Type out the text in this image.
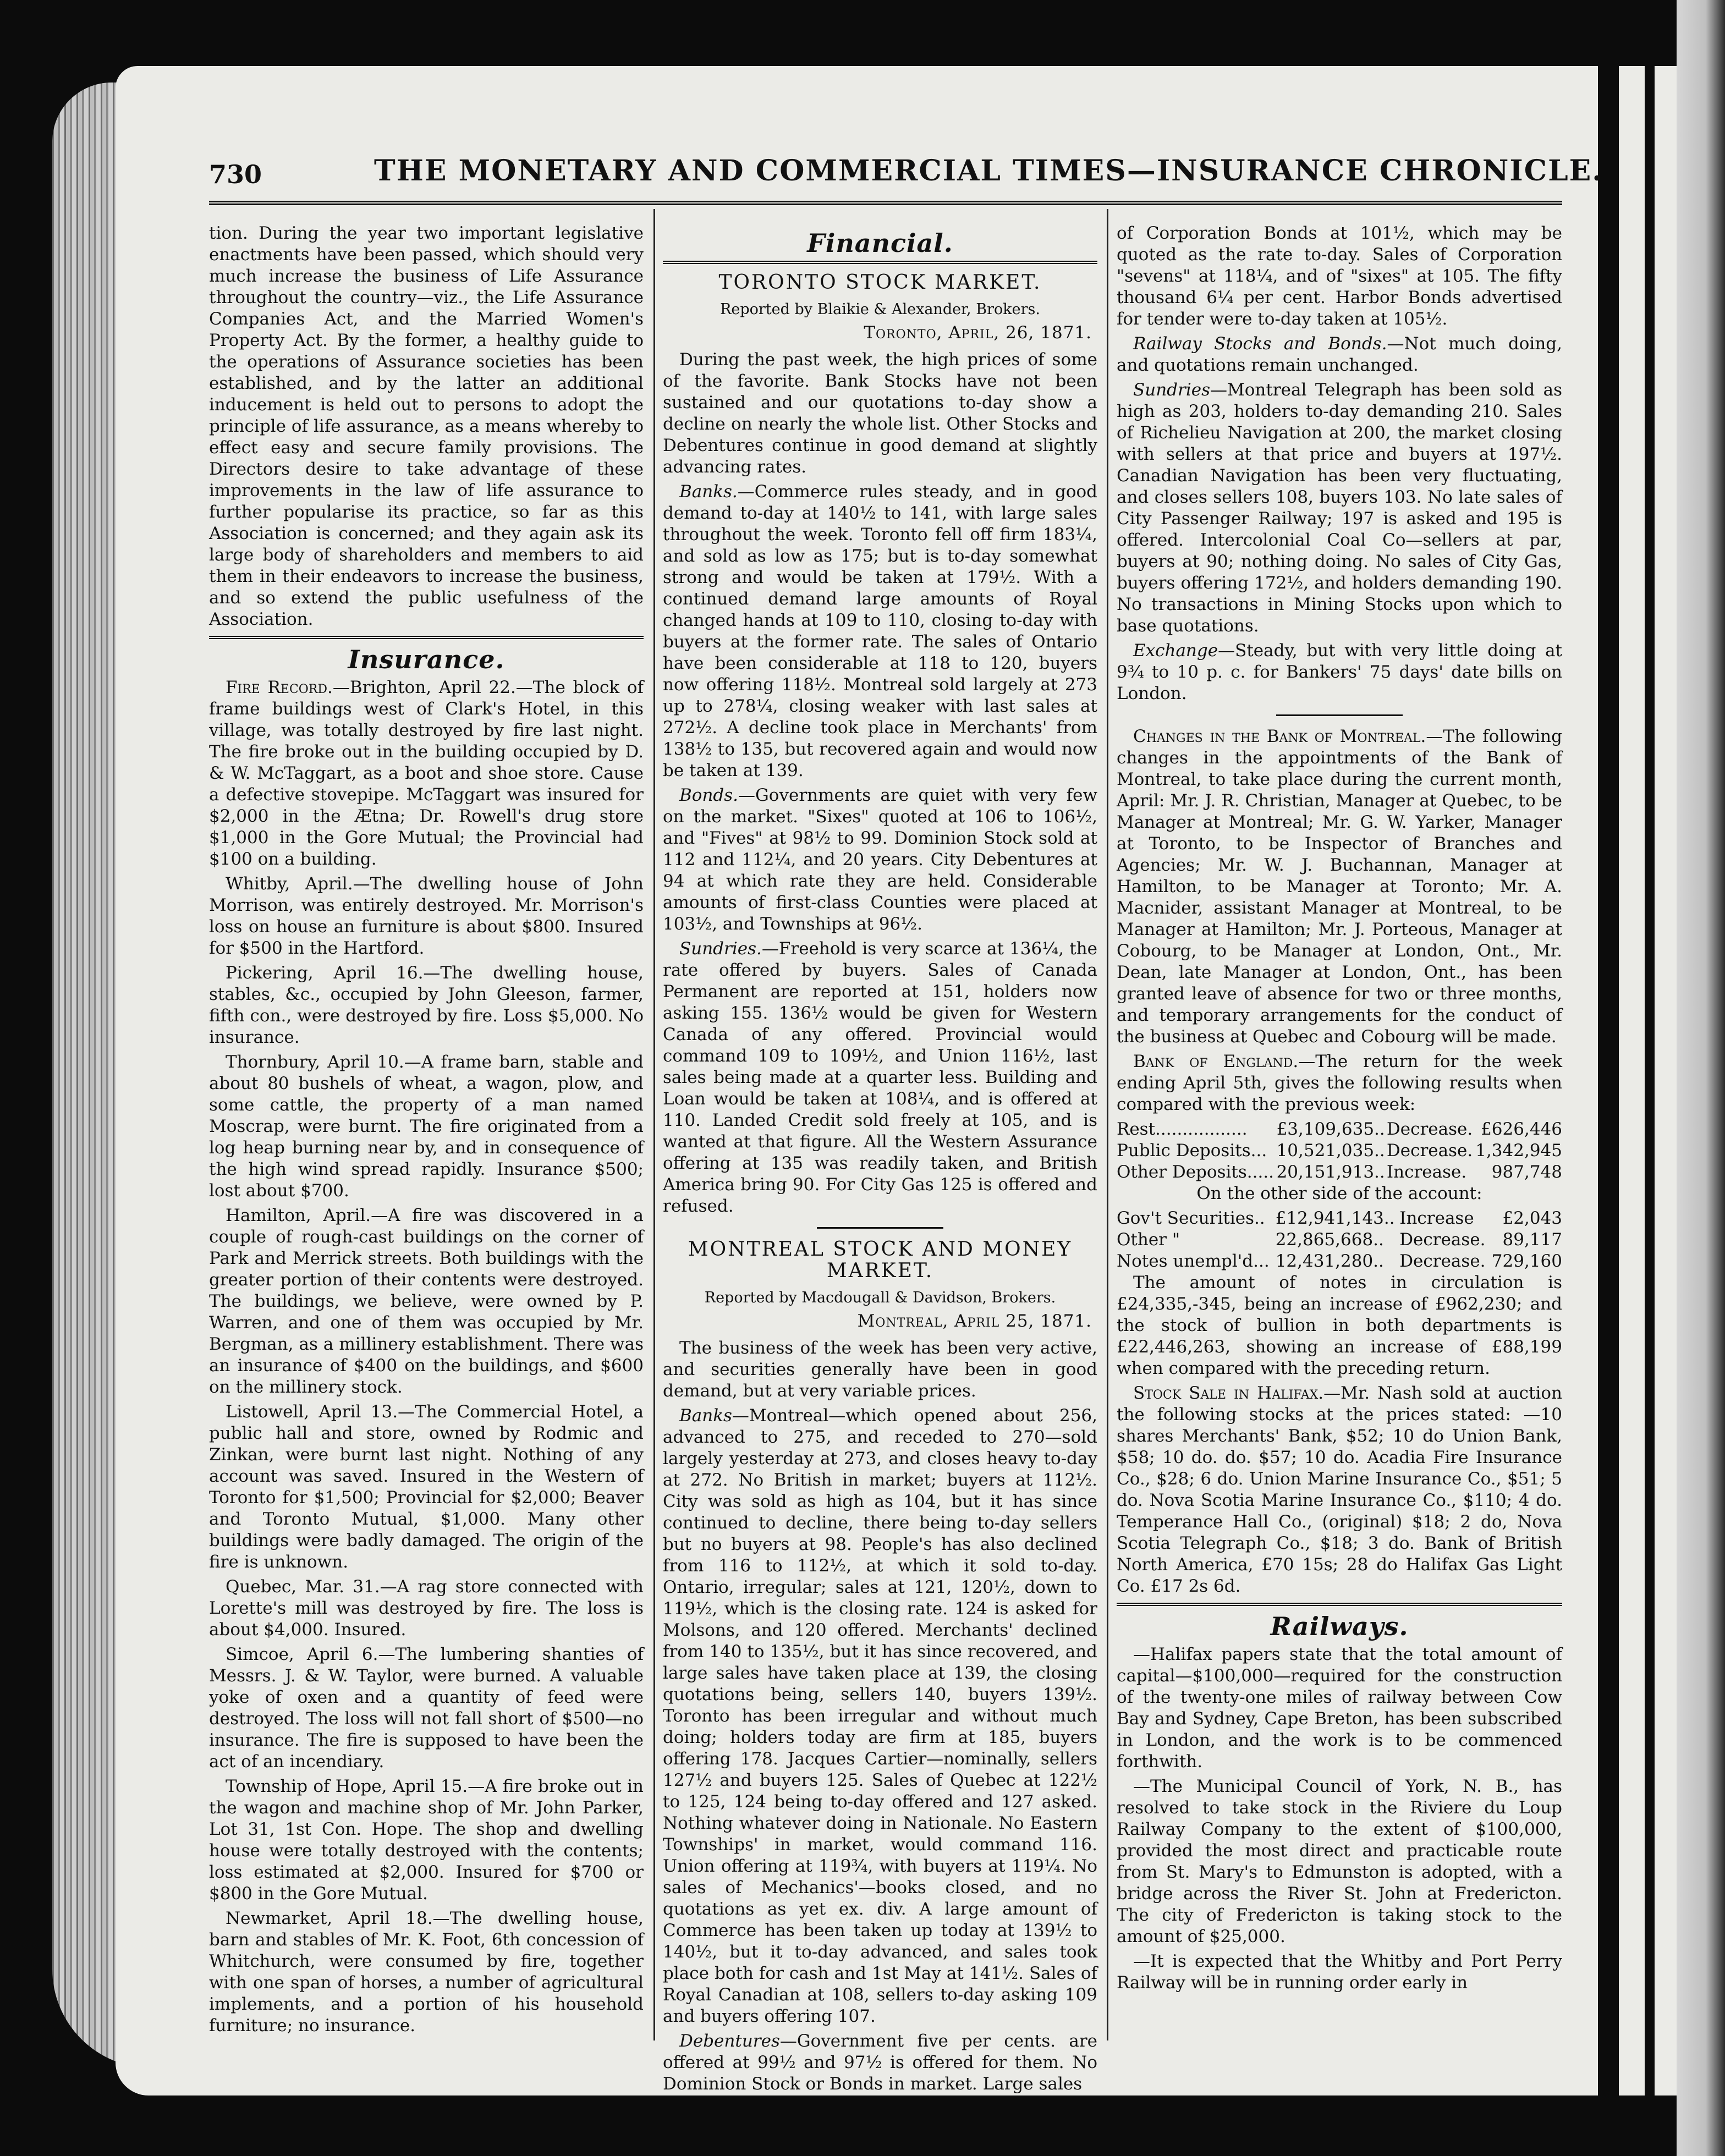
730	THE MONETARY AND COMMERCIAL TIMES—INSURANCE CHRONICLE.

tion. During the year two important legislative enactments have been passed, which should very much increase the business of Life Assurance throughout the country—viz., the Life Assurance Companies Act, and the Married Women's Property Act. By the former, a healthy guide to the operations of Assurance societies has been established, and by the latter an additional inducement is held out to persons to adopt the principle of life assurance, as a means whereby to effect easy and secure family provisions. The Directors desire to take advantage of these improvements in the law of life assurance to further popularise its practice, so far as this Association is concerned; and they again ask its large body of shareholders and members to aid them in their endeavors to increase the business, and so extend the public usefulness of the Association.

Insurance.

Fire Record.—Brighton, April 22.—The block of frame buildings west of Clark's Hotel, in this village, was totally destroyed by fire last night. The fire broke out in the building occupied by D. & W. McTaggart, as a boot and shoe store. Cause a defective stovepipe. McTaggart was insured for $2,000 in the Ætna; Dr. Rowell's drug store $1,000 in the Gore Mutual; the Provincial had $100 on a building.

Whitby, April.—The dwelling house of John Morrison, was entirely destroyed. Mr. Morrison's loss on house an furniture is about $800. Insured for $500 in the Hartford.

Pickering, April 16.—The dwelling house, stables, &c., occupied by John Gleeson, farmer, fifth con., were destroyed by fire. Loss $5,000. No insurance.

Thornbury, April 10.—A frame barn, stable and about 80 bushels of wheat, a wagon, plow, and some cattle, the property of a man named Moscrap, were burnt. The fire originated from a log heap burning near by, and in consequence of the high wind spread rapidly. Insurance $500; lost about $700.

Hamilton, April.—A fire was discovered in a couple of rough-cast buildings on the corner of Park and Merrick streets. Both buildings with the greater portion of their contents were destroyed. The buildings, we believe, were owned by P. Warren, and one of them was occupied by Mr. Bergman, as a millinery establishment. There was an insurance of $400 on the buildings, and $600 on the millinery stock.

Listowell, April 13.—The Commercial Hotel, a public hall and store, owned by Rodmic and Zinkan, were burnt last night. Nothing of any account was saved. Insured in the Western of Toronto for $1,500; Provincial for $2,000; Beaver and Toronto Mutual, $1,000. Many other buildings were badly damaged. The origin of the fire is unknown.

Quebec, Mar. 31.—A rag store connected with Lorette's mill was destroyed by fire. The loss is about $4,000. Insured.

Simcoe, April 6.—The lumbering shanties of Messrs. J. & W. Taylor, were burned. A valuable yoke of oxen and a quantity of feed were destroyed. The loss will not fall short of $500—no insurance. The fire is supposed to have been the act of an incendiary.

Township of Hope, April 15.—A fire broke out in the wagon and machine shop of Mr. John Parker, Lot 31, 1st Con. Hope. The shop and dwelling house were totally destroyed with the contents; loss estimated at $2,000. Insured for $700 or $800 in the Gore Mutual.

Newmarket, April 18.—The dwelling house, barn and stables of Mr. K. Foot, 6th concession of Whitchurch, were consumed by fire, together with one span of horses, a number of agricultural implements, and a portion of his household furniture; no insurance.

Financial.
TORONTO STOCK MARKET.
Reported by Blaikie & Alexander, Brokers.
Toronto, April, 26, 1871.

During the past week, the high prices of some of the favorite. Bank Stocks have not been sustained and our quotations to-day show a decline on nearly the whole list. Other Stocks and Debentures continue in good demand at slightly advancing rates.

Banks.—Commerce rules steady, and in good demand to-day at 140½ to 141, with large sales throughout the week. Toronto fell off firm 183¼, and sold as low as 175; but is to-day somewhat strong and would be taken at 179½. With a continued demand large amounts of Royal changed hands at 109 to 110, closing to-day with buyers at the former rate. The sales of Ontario have been considerable at 118 to 120, buyers now offering 118½. Montreal sold largely at 273 up to 278¼, closing weaker with last sales at 272½. A decline took place in Merchants' from 138½ to 135, but recovered again and would now be taken at 139.

Bonds.—Governments are quiet with very few on the market. "Sixes" quoted at 106 to 106½, and "Fives" at 98½ to 99. Dominion Stock sold at 112 and 112¼, and 20 years. City Debentures at 94 at which rate they are held. Considerable amounts of first-class Counties were placed at 103½, and Townships at 96½.

Sundries.—Freehold is very scarce at 136¼, the rate offered by buyers. Sales of Canada Permanent are reported at 151, holders now asking 155. 136½ would be given for Western Canada of any offered. Provincial would command 109 to 109½, and Union 116½, last sales being made at a quarter less. Building and Loan would be taken at 108¼, and is offered at 110. Landed Credit sold freely at 105, and is wanted at that figure. All the Western Assurance offering at 135 was readily taken, and British America bring 90. For City Gas 125 is offered and refused.

MONTREAL STOCK AND MONEY MARKET.
Reported by Macdougall & Davidson, Brokers.
Montreal, April 25, 1871.

The business of the week has been very active, and securities generally have been in good demand, but at very variable prices.

Banks—Montreal—which opened about 256, advanced to 275, and receded to 270—sold largely yesterday at 273, and closes heavy to-day at 272. No British in market; buyers at 112½. City was sold as high as 104, but it has since continued to decline, there being to-day sellers but no buyers at 98. People's has also declined from 116 to 112½, at which it sold to-day. Ontario, irregular; sales at 121, 120½, down to 119½, which is the closing rate. 124 is asked for Molsons, and 120 offered. Merchants' declined from 140 to 135½, but it has since recovered, and large sales have taken place at 139, the closing quotations being, sellers 140, buyers 139½. Toronto has been irregular and without much doing; holders today are firm at 185, buyers offering 178. Jacques Cartier—nominally, sellers 127½ and buyers 125. Sales of Quebec at 122½ to 125, 124 being to-day offered and 127 asked. Nothing whatever doing in Nationale. No Eastern Townships' in market, would command 116. Union offering at 119¾, with buyers at 119¼. No sales of Mechanics'—books closed, and no quotations as yet ex. div. A large amount of Commerce has been taken up today at 139½ to 140½, but it to-day advanced, and sales took place both for cash and 1st May at 141½. Sales of Royal Canadian at 108, sellers to-day asking 109 and buyers offering 107.

Debentures—Government five per cents. are offered at 99½ and 97½ is offered for them. No Dominion Stock or Bonds in market. Large sales

of Corporation Bonds at 101½, which may be quoted as the rate to-day. Sales of Corporation "sevens" at 118¼, and of "sixes" at 105. The fifty thousand 6¼ per cent. Harbor Bonds advertised for tender were to-day taken at 105½.

Railway Stocks and Bonds.—Not much doing, and quotations remain unchanged.

Sundries—Montreal Telegraph has been sold as high as 203, holders to-day demanding 210. Sales of Richelieu Navigation at 200, the market closing with sellers at that price and buyers at 197½. Canadian Navigation has been very fluctuating, and closes sellers 108, buyers 103. No late sales of City Passenger Railway; 197 is asked and 195 is offered. Intercolonial Coal Co—sellers at par, buyers at 90; nothing doing. No sales of City Gas, buyers offering 172½, and holders demanding 190. No transactions in Mining Stocks upon which to base quotations.

Exchange—Steady, but with very little doing at 9¾ to 10 p. c. for Bankers' 75 days' date bills on London.

Changes in the Bank of Montreal.—The following changes in the appointments of the Bank of Montreal, to take place during the current month, April: Mr. J. R. Christian, Manager at Quebec, to be Manager at Montreal; Mr. G. W. Yarker, Manager at Toronto, to be Inspector of Branches and Agencies; Mr. W. J. Buchannan, Manager at Hamilton, to be Manager at Toronto; Mr. A. Macnider, assistant Manager at Montreal, to be Manager at Hamilton; Mr. J. Porteous, Manager at Cobourg, to be Manager at London, Ont., Mr. Dean, late Manager at London, Ont., has been granted leave of absence for two or three months, and temporary arrangements for the conduct of the business at Quebec and Cobourg will be made.

Bank of England.—The return for the week ending April 5th, gives the following results when compared with the previous week:

Rest.................	£3,109,635..	Decrease.	£626,446
Public Deposits...	10,521,035..	Decrease.	1,342,945
Other Deposits.....	20,151,913..	Increase.	987,748

On the other side of the account:

Gov't Securities..	£12,941,143..	Increase	£2,043
Other "	22,865,668..	Decrease.	89,117
Notes unempl'd...	12,431,280..	Decrease.	729,160

The amount of notes in circulation is £24,335,-345, being an increase of £962,230; and the stock of bullion in both departments is £22,446,263, showing an increase of £88,199 when compared with the preceding return.

Stock Sale in Halifax.—Mr. Nash sold at auction the following stocks at the prices stated: —10 shares Merchants' Bank, $52; 10 do Union Bank, $58; 10 do. do. $57; 10 do. Acadia Fire Insurance Co., $28; 6 do. Union Marine Insurance Co., $51; 5 do. Nova Scotia Marine Insurance Co., $110; 4 do. Temperance Hall Co., (original) $18; 2 do, Nova Scotia Telegraph Co., $18; 3 do. Bank of British North America, £70 15s; 28 do Halifax Gas Light Co. £17 2s 6d.

Railways.

—Halifax papers state that the total amount of capital—$100,000—required for the construction of the twenty-one miles of railway between Cow Bay and Sydney, Cape Breton, has been subscribed in London, and the work is to be commenced forthwith.

—The Municipal Council of York, N. B., has resolved to take stock in the Riviere du Loup Railway Company to the extent of $100,000, provided the most direct and practicable route from St. Mary's to Edmunston is adopted, with a bridge across the River St. John at Fredericton. The city of Fredericton is taking stock to the amount of $25,000.

—It is expected that the Whitby and Port Perry Railway will be in running order early in
